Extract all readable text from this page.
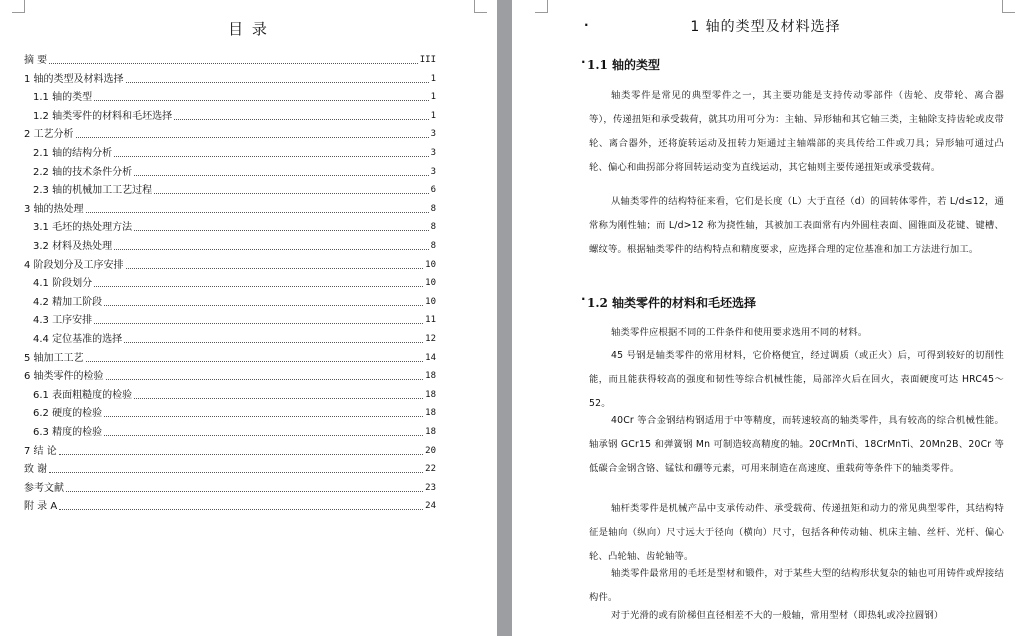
目 录
摘 要	III
1 轴的类型及材料选择	1
1.1 轴的类型	1
1.2 轴类零件的材料和毛坯选择	1
2 工艺分析	3
2.1 轴的结构分析	3
2.2 轴的技术条件分析	3
2.3 轴的机械加工工艺过程	6
3 轴的热处理	8
3.1 毛坯的热处理方法	8
3.2 材料及热处理	8
4 阶段划分及工序安排	10
4.1 阶段划分	10
4.2 精加工阶段	10
4.3 工序安排	11
4.4 定位基准的选择	12
5 轴加工工艺	14
6 轴类零件的检验	18
6.1 表面粗糙度的检验	18
6.2 硬度的检验	18
6.3 精度的检验	18
7 结 论	20
致 谢	22
参考文献	23
附 录 A	24
·	1 轴的类型及材料选择
· 1.1 轴的类型
轴类零件是常见的典型零件之一，其主要功能是支持传动零部件（齿轮、皮带轮、离合器等），传递扭矩和承受载荷，就其功用可分为：主轴、异形轴和其它轴三类，主轴除支持齿轮或皮带轮、离合器外，还将旋转运动及扭转力矩通过主轴端部的夹具传给工件或刀具；异形轴可通过凸轮、偏心和曲拐部分将回转运动变为直线运动，其它轴则主要传递扭矩或承受载荷。
从轴类零件的结构特征来看，它们是长度（L）大于直径（d）的回转体零件，若 L/d≤12，通常称为刚性轴；而 L/d>12 称为挠性轴，其被加工表面常有内外圆柱表面、圆锥面及花键、键槽、螺纹等。根据轴类零件的结构特点和精度要求，应选择合理的定位基准和加工方法进行加工。
· 1.2 轴类零件的材料和毛坯选择
轴类零件应根据不同的工件条件和使用要求选用不同的材料。
45 号钢是轴类零件的常用材料，它价格便宜，经过调质（或正火）后，可得到较好的切削性能，而且能获得较高的强度和韧性等综合机械性能，局部淬火后在回火，表面硬度可达 HRC45～52。
40Cr 等合金钢结构钢适用于中等精度，而转速较高的轴类零件，具有较高的综合机械性能。轴承钢 GCr15 和弹簧钢 Mn 可制造较高精度的轴。20CrMnTi、18CrMnTi、20Mn2B、20Cr 等低碳合金钢含铬、锰钛和硼等元素，可用来制造在高速度、重载荷等条件下的轴类零件。
轴杆类零件是机械产品中支承传动件、承受载荷、传递扭矩和动力的常见典型零件，其结构特征是轴向（纵向）尺寸远大于径向（横向）尺寸，包括各种传动轴、机床主轴、丝杆、光杆、偏心轮、凸轮轴、齿轮轴等。
轴类零件最常用的毛坯是型材和锻件，对于某些大型的结构形状复杂的轴也可用铸件或焊接结构件。
对于光滑的或有阶梯但直径相差不大的一般轴，常用型材（即热轧或冷拉圆钢）
